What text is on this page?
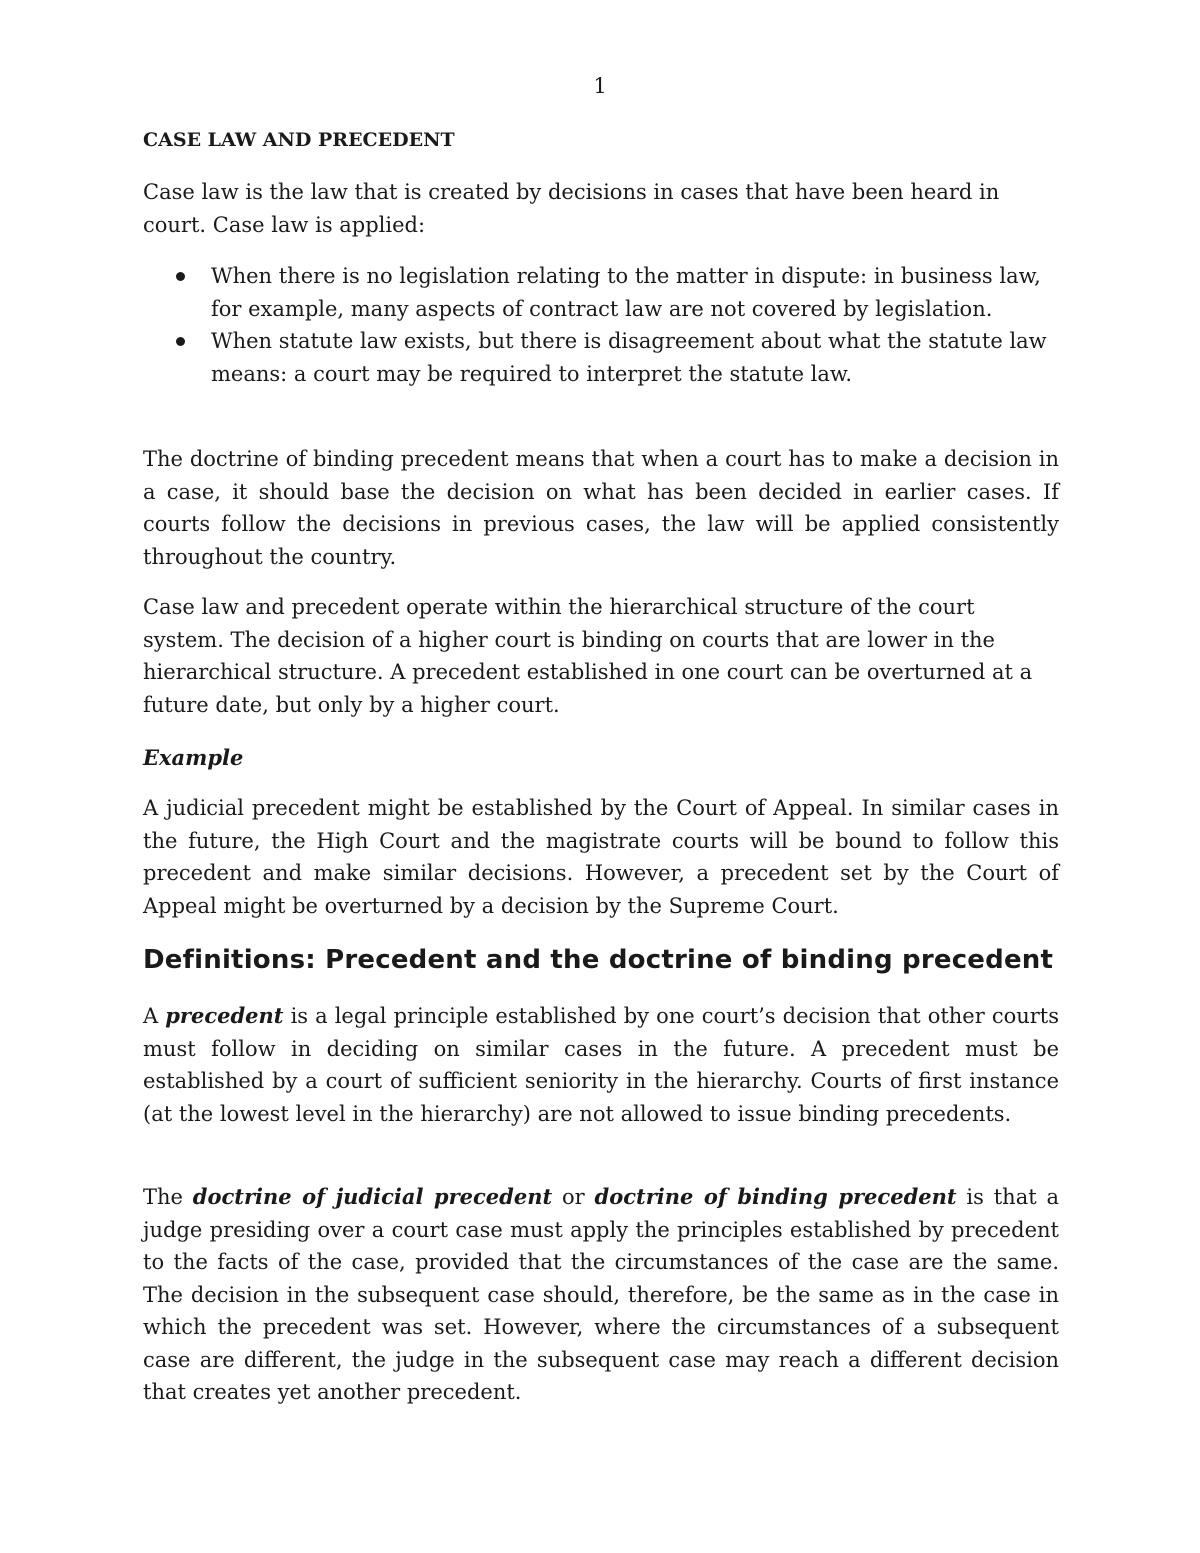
1

CASE LAW AND PRECEDENT

Case law is the law that is created by decisions in cases that have been heard in court. Case law is applied:

When there is no legislation relating to the matter in dispute: in business law, for example, many aspects of contract law are not covered by legislation.
When statute law exists, but there is disagreement about what the statute law means: a court may be required to interpret the statute law.

The doctrine of binding precedent means that when a court has to make a decision in a case, it should base the decision on what has been decided in earlier cases. If courts follow the decisions in previous cases, the law will be applied consistently throughout the country.

Case law and precedent operate within the hierarchical structure of the court system. The decision of a higher court is binding on courts that are lower in the hierarchical structure. A precedent established in one court can be overturned at a future date, but only by a higher court.

Example

A judicial precedent might be established by the Court of Appeal. In similar cases in the future, the High Court and the magistrate courts will be bound to follow this precedent and make similar decisions. However, a precedent set by the Court of Appeal might be overturned by a decision by the Supreme Court.

Definitions: Precedent and the doctrine of binding precedent

A precedent is a legal principle established by one court’s decision that other courts must follow in deciding on similar cases in the future. A precedent must be established by a court of sufficient seniority in the hierarchy. Courts of first instance (at the lowest level in the hierarchy) are not allowed to issue binding precedents.

The doctrine of judicial precedent or doctrine of binding precedent is that a judge presiding over a court case must apply the principles established by precedent to the facts of the case, provided that the circumstances of the case are the same. The decision in the subsequent case should, therefore, be the same as in the case in which the precedent was set. However, where the circumstances of a subsequent case are different, the judge in the subsequent case may reach a different decision that creates yet another precedent.
